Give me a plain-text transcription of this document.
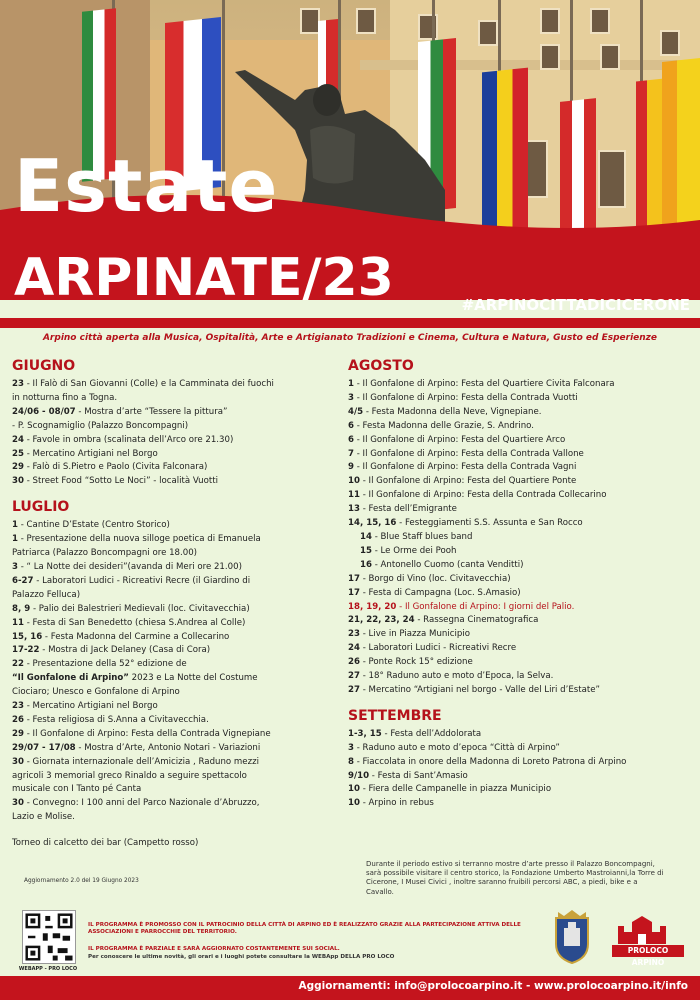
Estate
ARPINATE/23	#ARPINOCITTADICICERONE

Arpino città aperta alla Musica, Ospitalità, Arte e Artigianato Tradizioni e Cinema, Cultura e Natura, Gusto ed Esperienze

GIUGNO
23 - Il Falò di San Giovanni (Colle) e la Camminata dei fuochi
in notturna fino a Togna.
24/06 - 08/07 - Mostra d’arte “Tessere la pittura”
- P. Scognamiglio (Palazzo Boncompagni)
24 - Favole in ombra (scalinata dell’Arco ore 21.30)
25 - Mercatino Artigiani nel Borgo
29 - Falò di S.Pietro e Paolo (Civita Falconara)
30 - Street Food “Sotto Le Noci” - località Vuotti
LUGLIO
1 - Cantine D’Estate (Centro Storico)
1 - Presentazione della nuova silloge poetica di Emanuela
Patriarca (Palazzo Boncompagni ore 18.00)
3 - “ La Notte dei desideri”(avanda di Meri ore 21.00)
6-27 - Laboratori Ludici - Ricreativi Recre (il Giardino di
Palazzo Felluca)
8, 9 - Palio dei Balestrieri Medievali (loc. Civitavecchia)
11 - Festa di San Benedetto (chiesa S.Andrea al Colle)
15, 16 - Festa Madonna del Carmine a Collecarino
17-22 - Mostra di Jack Delaney (Casa di Cora)
22 - Presentazione della 52° edizione de
“Il Gonfalone di Arpino” 2023 e La Notte del Costume
Ciociaro; Unesco e Gonfalone di Arpino
23 - Mercatino Artigiani nel Borgo
26 - Festa religiosa di S.Anna a Civitavecchia.
29 - Il Gonfalone di Arpino: Festa della Contrada Vignepiane
29/07 - 17/08 - Mostra d’Arte, Antonio Notari - Variazioni
30 - Giornata internazionale dell’Amicizia , Raduno mezzi
agricoli 3 memorial greco Rinaldo a seguire spettacolo
musicale con I Tanto pé Canta
30 - Convegno: I 100 anni del Parco Nazionale d’Abruzzo,
Lazio e Molise.

Torneo di calcetto dei bar (Campetto rosso)

Aggiornamento 2.0 del 19 Giugno 2023

AGOSTO
1 - Il Gonfalone di Arpino: Festa del Quartiere Civita Falconara
3 - Il Gonfalone di Arpino: Festa della Contrada Vuotti
4/5 - Festa Madonna della Neve, Vignepiane.
6 - Festa Madonna delle Grazie, S. Andrino.
6 - Il Gonfalone di Arpino: Festa del Quartiere Arco
7 - Il Gonfalone di Arpino: Festa della Contrada Vallone
9 - Il Gonfalone di Arpino: Festa della Contrada Vagni
10 - Il Gonfalone di Arpino: Festa del Quartiere Ponte
11 - Il Gonfalone di Arpino: Festa della Contrada Collecarino
13 - Festa dell’Emigrante
14, 15, 16 - Festeggiamenti S.S. Assunta e San Rocco
14 - Blue Staff blues band
15 - Le Orme dei Pooh
16 - Antonello Cuomo (canta Venditti)
17 - Borgo di Vino (loc. Civitavecchia)
17 - Festa di Campagna (Loc. S.Amasio)
18, 19, 20 - Il Gonfalone di Arpino: I giorni del Palio.
21, 22, 23, 24 - Rassegna Cinematografica
23 - Live in Piazza Municipio
24 - Laboratori Ludici - Ricreativi Recre
26 - Ponte Rock 15° edizione
27 - 18° Raduno auto e moto d’Epoca, la Selva.
27 - Mercatino “Artigiani nel borgo - Valle del Liri d’Estate”
SETTEMBRE
1-3, 15 - Festa dell’Addolorata
3 - Raduno auto e moto d’epoca “Città di Arpino”
8 - Fiaccolata in onore della Madonna di Loreto Patrona di Arpino
9/10 - Festa di Sant’Amasio
10 - Fiera delle Campanelle in piazza Municipio
10 - Arpino in rebus

Durante il periodo estivo si terranno mostre d’arte presso il Palazzo Boncompagni, sarà possibile visitare il centro storico, la Fondazione Umberto Mastroianni,la Torre di Cicerone, I Musei Civici , inoltre saranno fruibili percorsi ABC, a piedi, bike e a Cavallo.

WEBAPP - PRO LOCO

IL PROGRAMMA È PROMOSSO CON IL PATROCINIO DELLA CITTÀ DI ARPINO ED È REALIZZATO GRAZIE ALLA PARTECIPAZIONE ATTIVA DELLE ASSOCIAZIONI E PARROCCHIE DEL TERRITORIO.

IL PROGRAMMA È PARZIALE E SARÀ AGGIORNATO COSTANTEMENTE SUI SOCIAL.

Per conoscere le ultime novità, gli orari e i luoghi potete consultare la WEBApp DELLA PRO LOCO

PROLOCO ARPINO

Aggiornamenti: info@prolocoarpino.it - www.prolocoarpino.it/info
